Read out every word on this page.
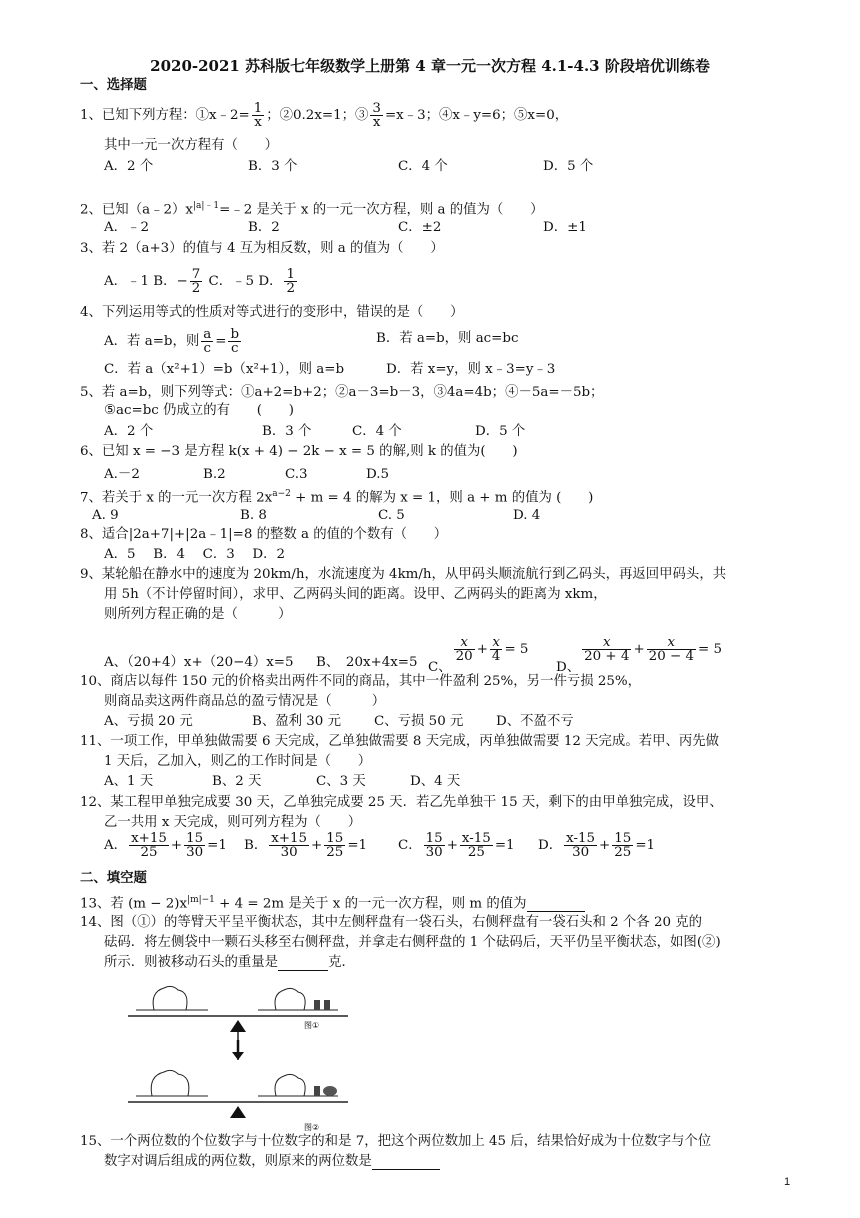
2020-2021 苏科版七年级数学上册第 4 章一元一次方程 4.1-4.3 阶段培优训练卷
一、选择题
1、已知下列方程：①x﹣2= $\frac{1}{x}$ ；②0.2x=1；③ $\frac{3}{x}$ =x﹣3；④x﹣y=6；⑤x=0，
其中一元一次方程有（　　）
A．2 个	B．3 个	C．4 个	D．5 个
2、已知$(a﹣2)x^{|a|﹣1}=﹣2$ 是关于 x 的一元一次方程，则 a 的值为（　　）
A．﹣2	B．2	C．±2	D．±1
3、若 2（a+3）的值与 4 互为相反数，则 a 的值为（　　）
A．﹣1 B．− $\frac{7}{2}$ C．﹣5 D． $\frac{1}{2}$
4、下列运用等式的性质对等式进行的变形中，错误的是（　　）
A．若 a=b，则 $\frac{a}{c} = \frac{b}{c}$	B．若 a=b，则 ac=bc
C．若 a（x²+1）=b（x²+1），则 a=b	D．若 x=y，则 x﹣3=y﹣3
5、若 a=b，则下列等式：①a+2=b+2；②a－3=b－3，③4a=4b；④－5a=－5b；
⑤ac=bc 仍成立的有　　(　　)
A．2 个	B．3 个	C．4 个	D．5 个
6、已知 x = −3 是方程 k(x + 4) − 2k − x = 5 的解,则 k 的值为(　　)
A.－2	B.2	C.3	D.5
7、若关于 x 的一元一次方程 $2x^{a-2} + m = 4$ 的解为 x = 1，则 a + m 的值为 (　　)
A. 9	B. 8	C. 5	D. 4
8、适合|2a+7|+|2a﹣1|=8 的整数 a 的值的个数有（　　）
A．5　 B．4　 C．3　 D．2
9、某轮船在静水中的速度为 20km/h，水流速度为 4km/h，从甲码头顺流航行到乙码头，再返回甲码头，共
用 5h（不计停留时间），求甲、乙两码头间的距离。设甲、乙两码头的距离为 xkm，
则所列方程正确的是（　　　）
A、（20+4）x+（20−4）x=5 B、　20x+4x=5 C、
$\frac{x}{20} + \frac{x}{4} = 5$
D、
$\frac{x}{20 + 4} + \frac{x}{20 - 4} = 5$
10、商店以每件 150 元的价格卖出两件不同的商品，其中一件盈利 25%，另一件亏损 25%，
则商品卖这两件商品总的盈亏情况是（　　　）
A、亏损 20 元	B、盈利 30 元 C、亏损 50 元 D、不盈不亏
11、一项工作，甲单独做需要 6 天完成，乙单独做需要 8 天完成，丙单独做需要 12 天完成。若甲、丙先做
1 天后，乙加入，则乙的工作时间是（　　）
A、1 天	B、2 天	C、3 天	D、4 天
12、某工程甲单独完成要 30 天，乙单独完成要 25 天．若乙先单独干 15 天，剩下的由甲单独完成，设甲、
乙一共用 x 天完成，则可列方程为（　　）
A． $\frac{x+15}{25} + \frac{15}{30} =1$ B． $\frac{x+15}{30} + \frac{15}{25} =1$ C． $\frac{15}{30} + \frac{x-15}{25} =1$ D． $\frac{x-15}{30} + \frac{15}{25} =1$
二、填空题
13、若 $(m - 2)x^{|m|-1} + 4 = 2m$ 是关于 x 的一元一次方程，则 m 的值为
14、图（①）的等臂天平呈平衡状态，其中左侧秤盘有一袋石头，右侧秤盘有一袋石头和 2 个各 20 克的
砝码．将左侧袋中一颗石头移至右侧秤盘，并拿走右侧秤盘的 1 个砝码后，天平仍呈平衡状态，如图(②)
所示．则被移动石头的重量是	克．
图①
图②
15、一个两位数的个位数字与十位数字的和是 7，把这个两位数加上 45 后，结果恰好成为十位数字与个位
数字对调后组成的两位数，则原来的两位数是
1
